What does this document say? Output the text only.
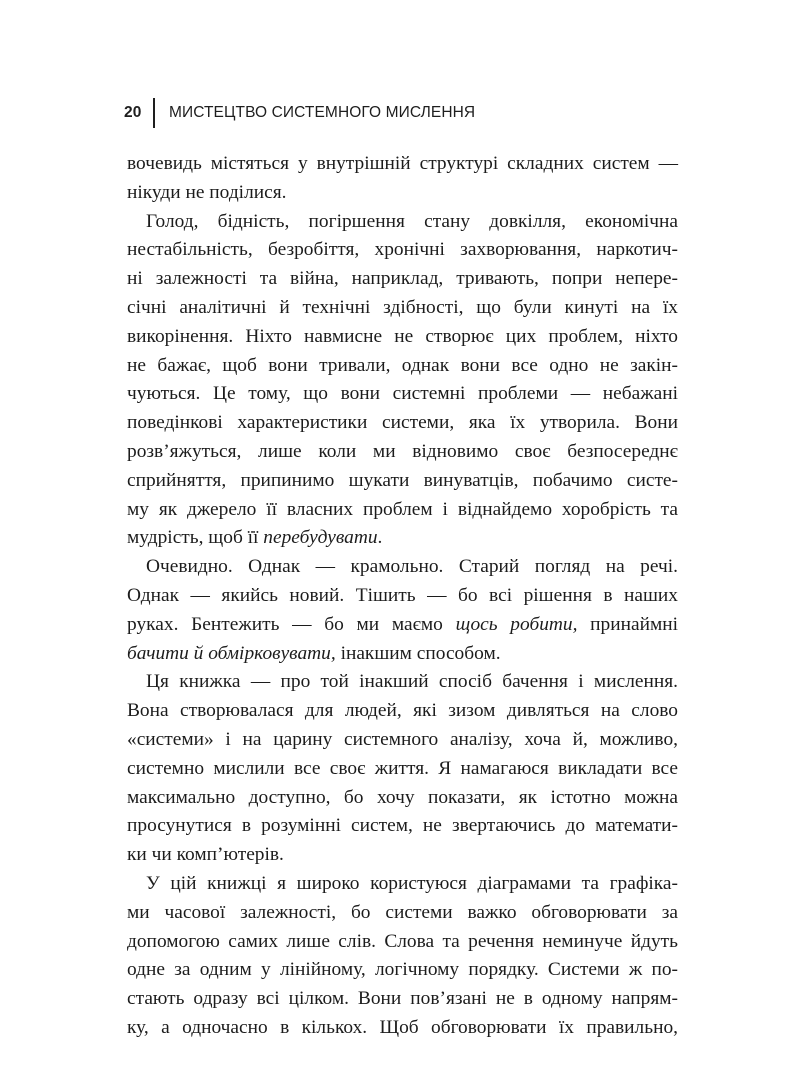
20 МИСТЕЦТВО СИСТЕМНОГО МИСЛЕННЯ
вочевидь містяться у внутрішній структурі складних систем —
нікуди не поділися.
Голод, бідність, погіршення стану довкілля, економічна
нестабільність, безробіття, хронічні захворювання, наркотич-
ні залежності та війна, наприклад, тривають, попри непере-
січні аналітичні й технічні здібності, що були кинуті на їх
викорінення. Ніхто навмисне не створює цих проблем, ніхто
не бажає, щоб вони тривали, однак вони все одно не закін-
чуються. Це тому, що вони системні проблеми — небажані
поведінкові характеристики системи, яка їх утворила. Вони
розв’яжуться, лише коли ми відновимо своє безпосереднє
сприйняття, припинимо шукати винуватців, побачимо систе-
му як джерело її власних проблем і віднайдемо хоробрість та
мудрість, щоб її перебудувати.
Очевидно. Однак — крамольно. Старий погляд на речі.
Однак — якийсь новий. Тішить — бо всі рішення в наших
руках. Бентежить — бо ми маємо щось робити, принаймні
бачити й обмірковувати, інакшим способом.
Ця книжка — про той інакший спосіб бачення і мислення.
Вона створювалася для людей, які зизом дивляться на слово
«системи» і на царину системного аналізу, хоча й, можливо,
системно мислили все своє життя. Я намагаюся викладати все
максимально доступно, бо хочу показати, як істотно можна
просунутися в розумінні систем, не звертаючись до математи-
ки чи комп’ютерів.
У цій книжці я широко користуюся діаграмами та графіка-
ми часової залежності, бо системи важко обговорювати за
допомогою самих лише слів. Слова та речення неминуче йдуть
одне за одним у лінійному, логічному порядку. Системи ж по-
стають одразу всі цілком. Вони пов’язані не в одному напрям-
ку, а одночасно в кількох. Щоб обговорювати їх правильно,
